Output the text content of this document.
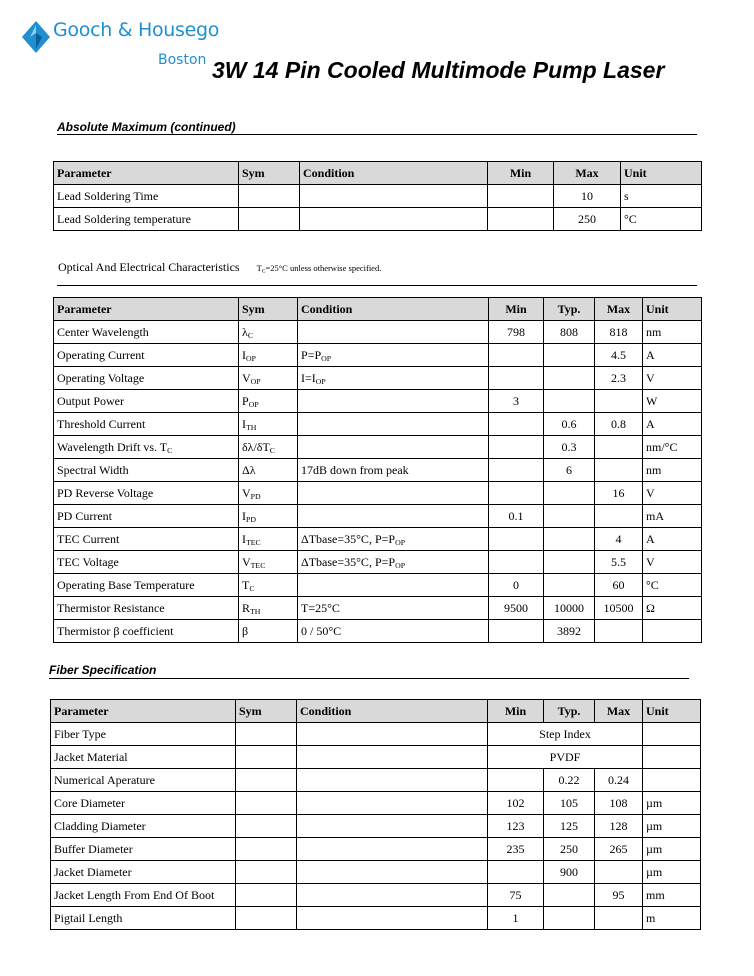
Gooch & Housego
Boston 3W 14 Pin Cooled Multimode Pump Laser
Absolute Maximum (continued)
Parameter	Sym	Condition	Min	Max	Unit
Lead Soldering Time				10	s
Lead Soldering temperature				250	°C
Optical And Electrical Characteristics $T_C=25^\circ C$ unless otherwise specified.
Parameter	Sym	Condition	Min	Typ.	Max	Unit
Center Wavelength	$\lambda_C$		798	808	818	nm
Operating Current	$I_{OP}$	$P=P_{OP}$			4.5	A
Operating Voltage	$V_{OP}$	$I=I_{OP}$			2.3	V
Output Power	$P_{OP}$		3			W
Threshold Current	$I_{TH}$			0.6	0.8	A
Wavelength Drift vs. $T_C$	$\delta\lambda/\delta T_C$			0.3		nm/°C
Spectral Width	Δλ	17dB down from peak		6		nm
PD Reverse Voltage	$V_{PD}$				16	V
PD Current	$I_{PD}$		0.1			mA
TEC Current	$I_{TEC}$	ΔTbase=35°C, $P=P_{OP}$			4	A
TEC Voltage	$V_{TEC}$	ΔTbase=35°C, $P=P_{OP}$			5.5	V
Operating Base Temperature	$T_C$		0		60	°C
Thermistor Resistance	$R_{TH}$	T=25°C	9500	10000	10500	Ω
Thermistor β coefficient	β	0 / 50°C		3892		
Fiber Specification
Parameter	Sym	Condition	Min	Typ.	Max	Unit
Fiber Type			Step Index			
Jacket Material			PVDF			
Numerical Aperature				0.22	0.24	
Core Diameter			102	105	108	µm
Cladding Diameter			123	125	128	µm
Buffer Diameter			235	250	265	µm
Jacket Diameter				900		µm
Jacket Length From End Of Boot			75		95	mm
Pigtail Length			1			m
